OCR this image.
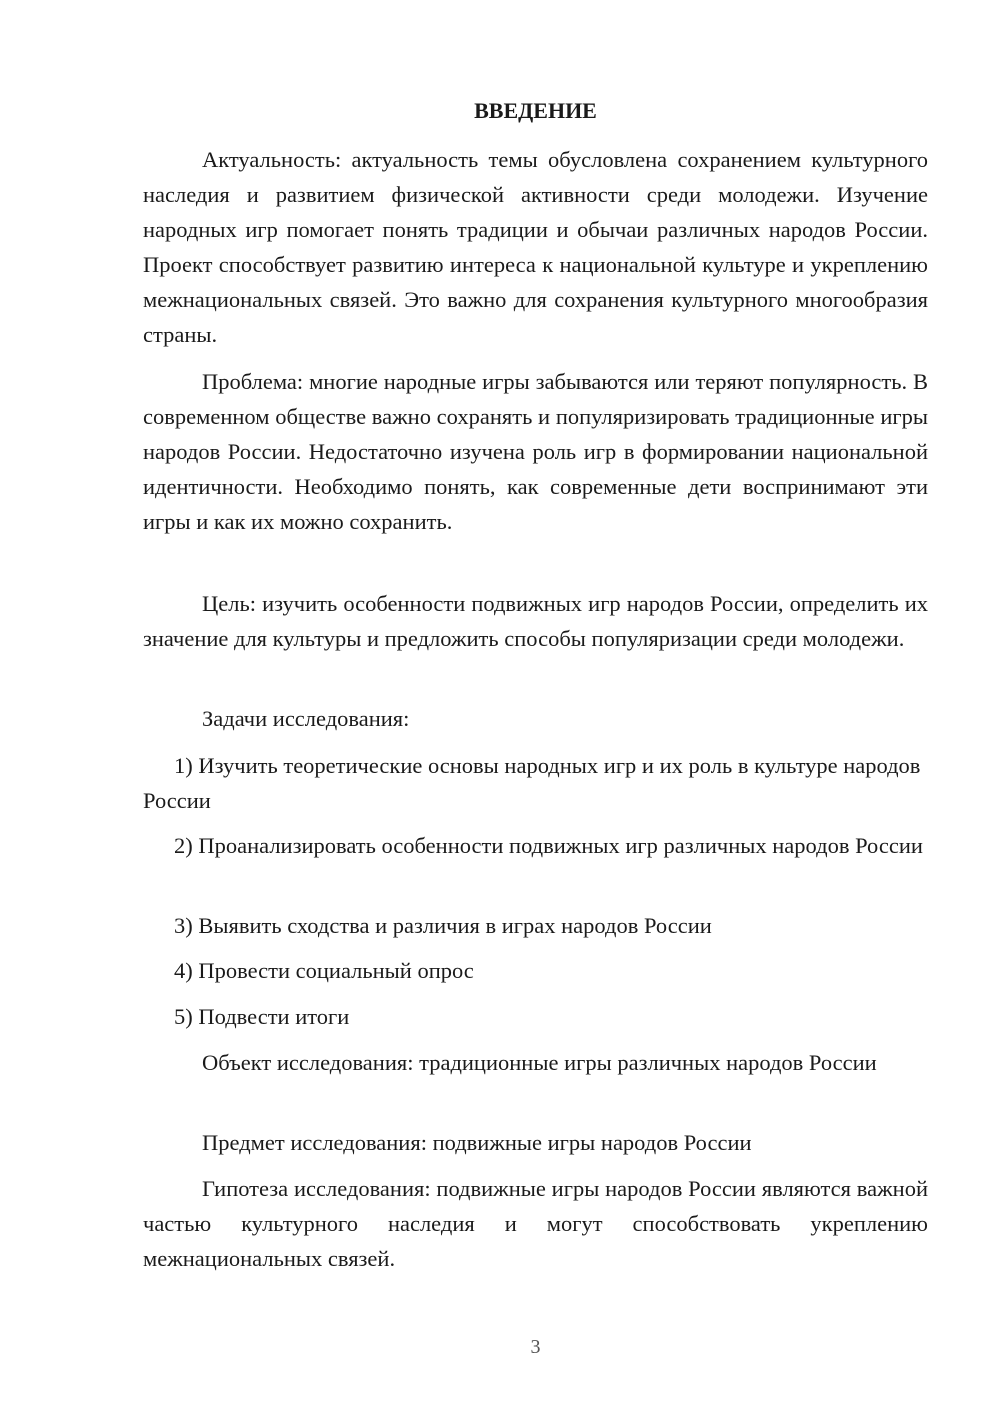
ВВЕДЕНИЕ

Актуальность: актуальность темы обусловлена сохранением культурного наследия и развитием физической активности среди молодежи. Изучение народных игр помогает понять традиции и обычаи различных народов России. Проект способствует развитию интереса к национальной культуре и укреплению межнациональных связей. Это важно для сохранения культурного многообразия страны.

Проблема: многие народные игры забываются или теряют популярность. В современном обществе важно сохранять и популяризировать традиционные игры народов России. Недостаточно изучена роль игр в формировании национальной идентичности. Необходимо понять, как современные дети воспринимают эти игры и как их можно сохранить.

Цель: изучить особенности подвижных игр народов России, определить их значение для культуры и предложить способы популяризации среди молодежи.

Задачи исследования:

1) Изучить теоретические основы народных игр и их роль в культуре народов России

2) Проанализировать особенности подвижных игр различных народов России

3) Выявить сходства и различия в играх народов России

4) Провести социальный опрос

5) Подвести итоги

Объект исследования: традиционные игры различных народов России

Предмет исследования: подвижные игры народов России

Гипотеза исследования: подвижные игры народов России являются важной частью культурного наследия и могут способствовать укреплению межнациональных связей.

3
